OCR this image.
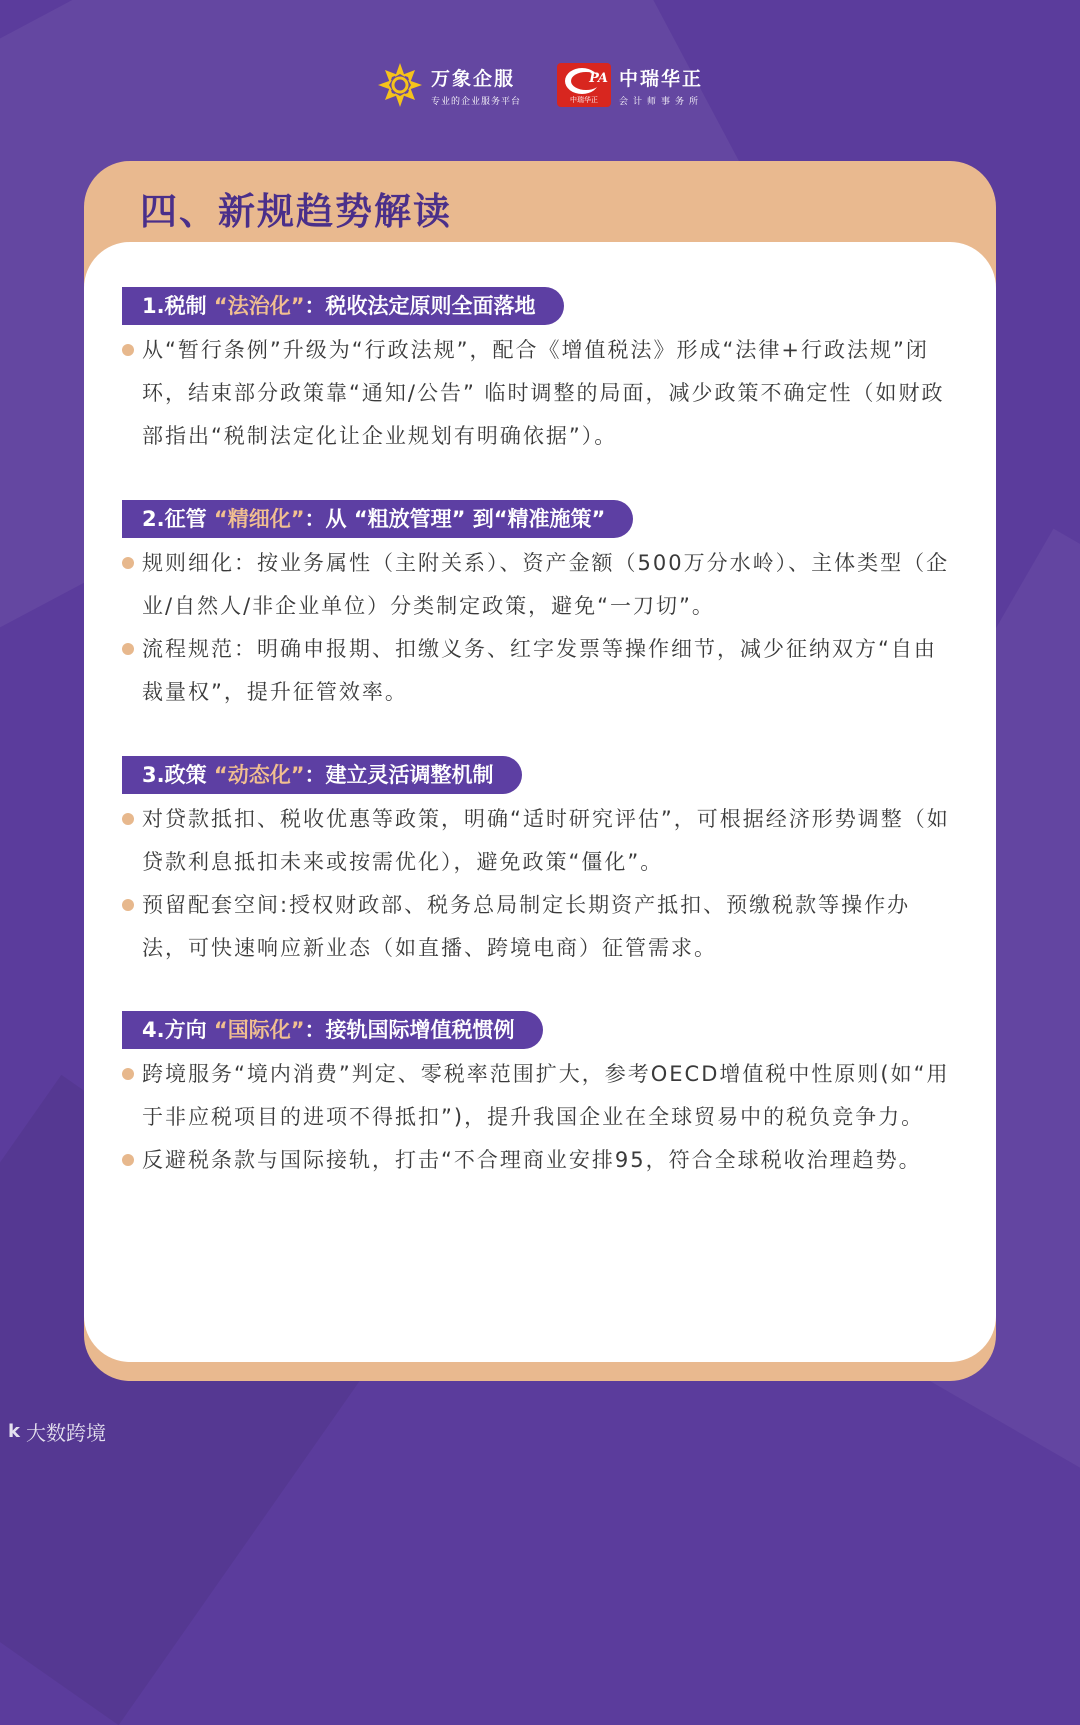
万象企服
专业的企业服务平台
PA
中瑞华正
中瑞华正
会计师事务所
四、新规趋势解读
1.税制 “法治化”：税收法定原则全面落地
从“暂行条例”升级为“行政法规”，配合《增值税法》形成“法律+行政法规”闭环，结束部分政策靠“通知/公告” 临时调整的局面，减少政策不确定性（如财政部指出“税制法定化让企业规划有明确依据”）。
2.征管 “精细化”：从 “粗放管理” 到“精准施策”
规则细化：按业务属性（主附关系）、资产金额（500万分水岭）、主体类型（企业/自然人/非企业单位）分类制定政策，避免“一刀切”。
流程规范：明确申报期、扣缴义务、红字发票等操作细节，减少征纳双方“自由裁量权”，提升征管效率。
3.政策 “动态化”：建立灵活调整机制
对贷款抵扣、税收优惠等政策，明确“适时研究评估”，可根据经济形势调整（如贷款利息抵扣未来或按需优化），避免政策“僵化”。
预留配套空间:授权财政部、税务总局制定长期资产抵扣、预缴税款等操作办法，可快速响应新业态（如直播、跨境电商）征管需求。
4.方向 “国际化”：接轨国际增值税惯例
跨境服务“境内消费”判定、零税率范围扩大，参考OECD增值税中性原则(如“用于非应税项目的进项不得抵扣”)，提升我国企业在全球贸易中的税负竞争力。
反避税条款与国际接轨，打击“不合理商业安排95，符合全球税收治理趋势。
k 大数跨境
